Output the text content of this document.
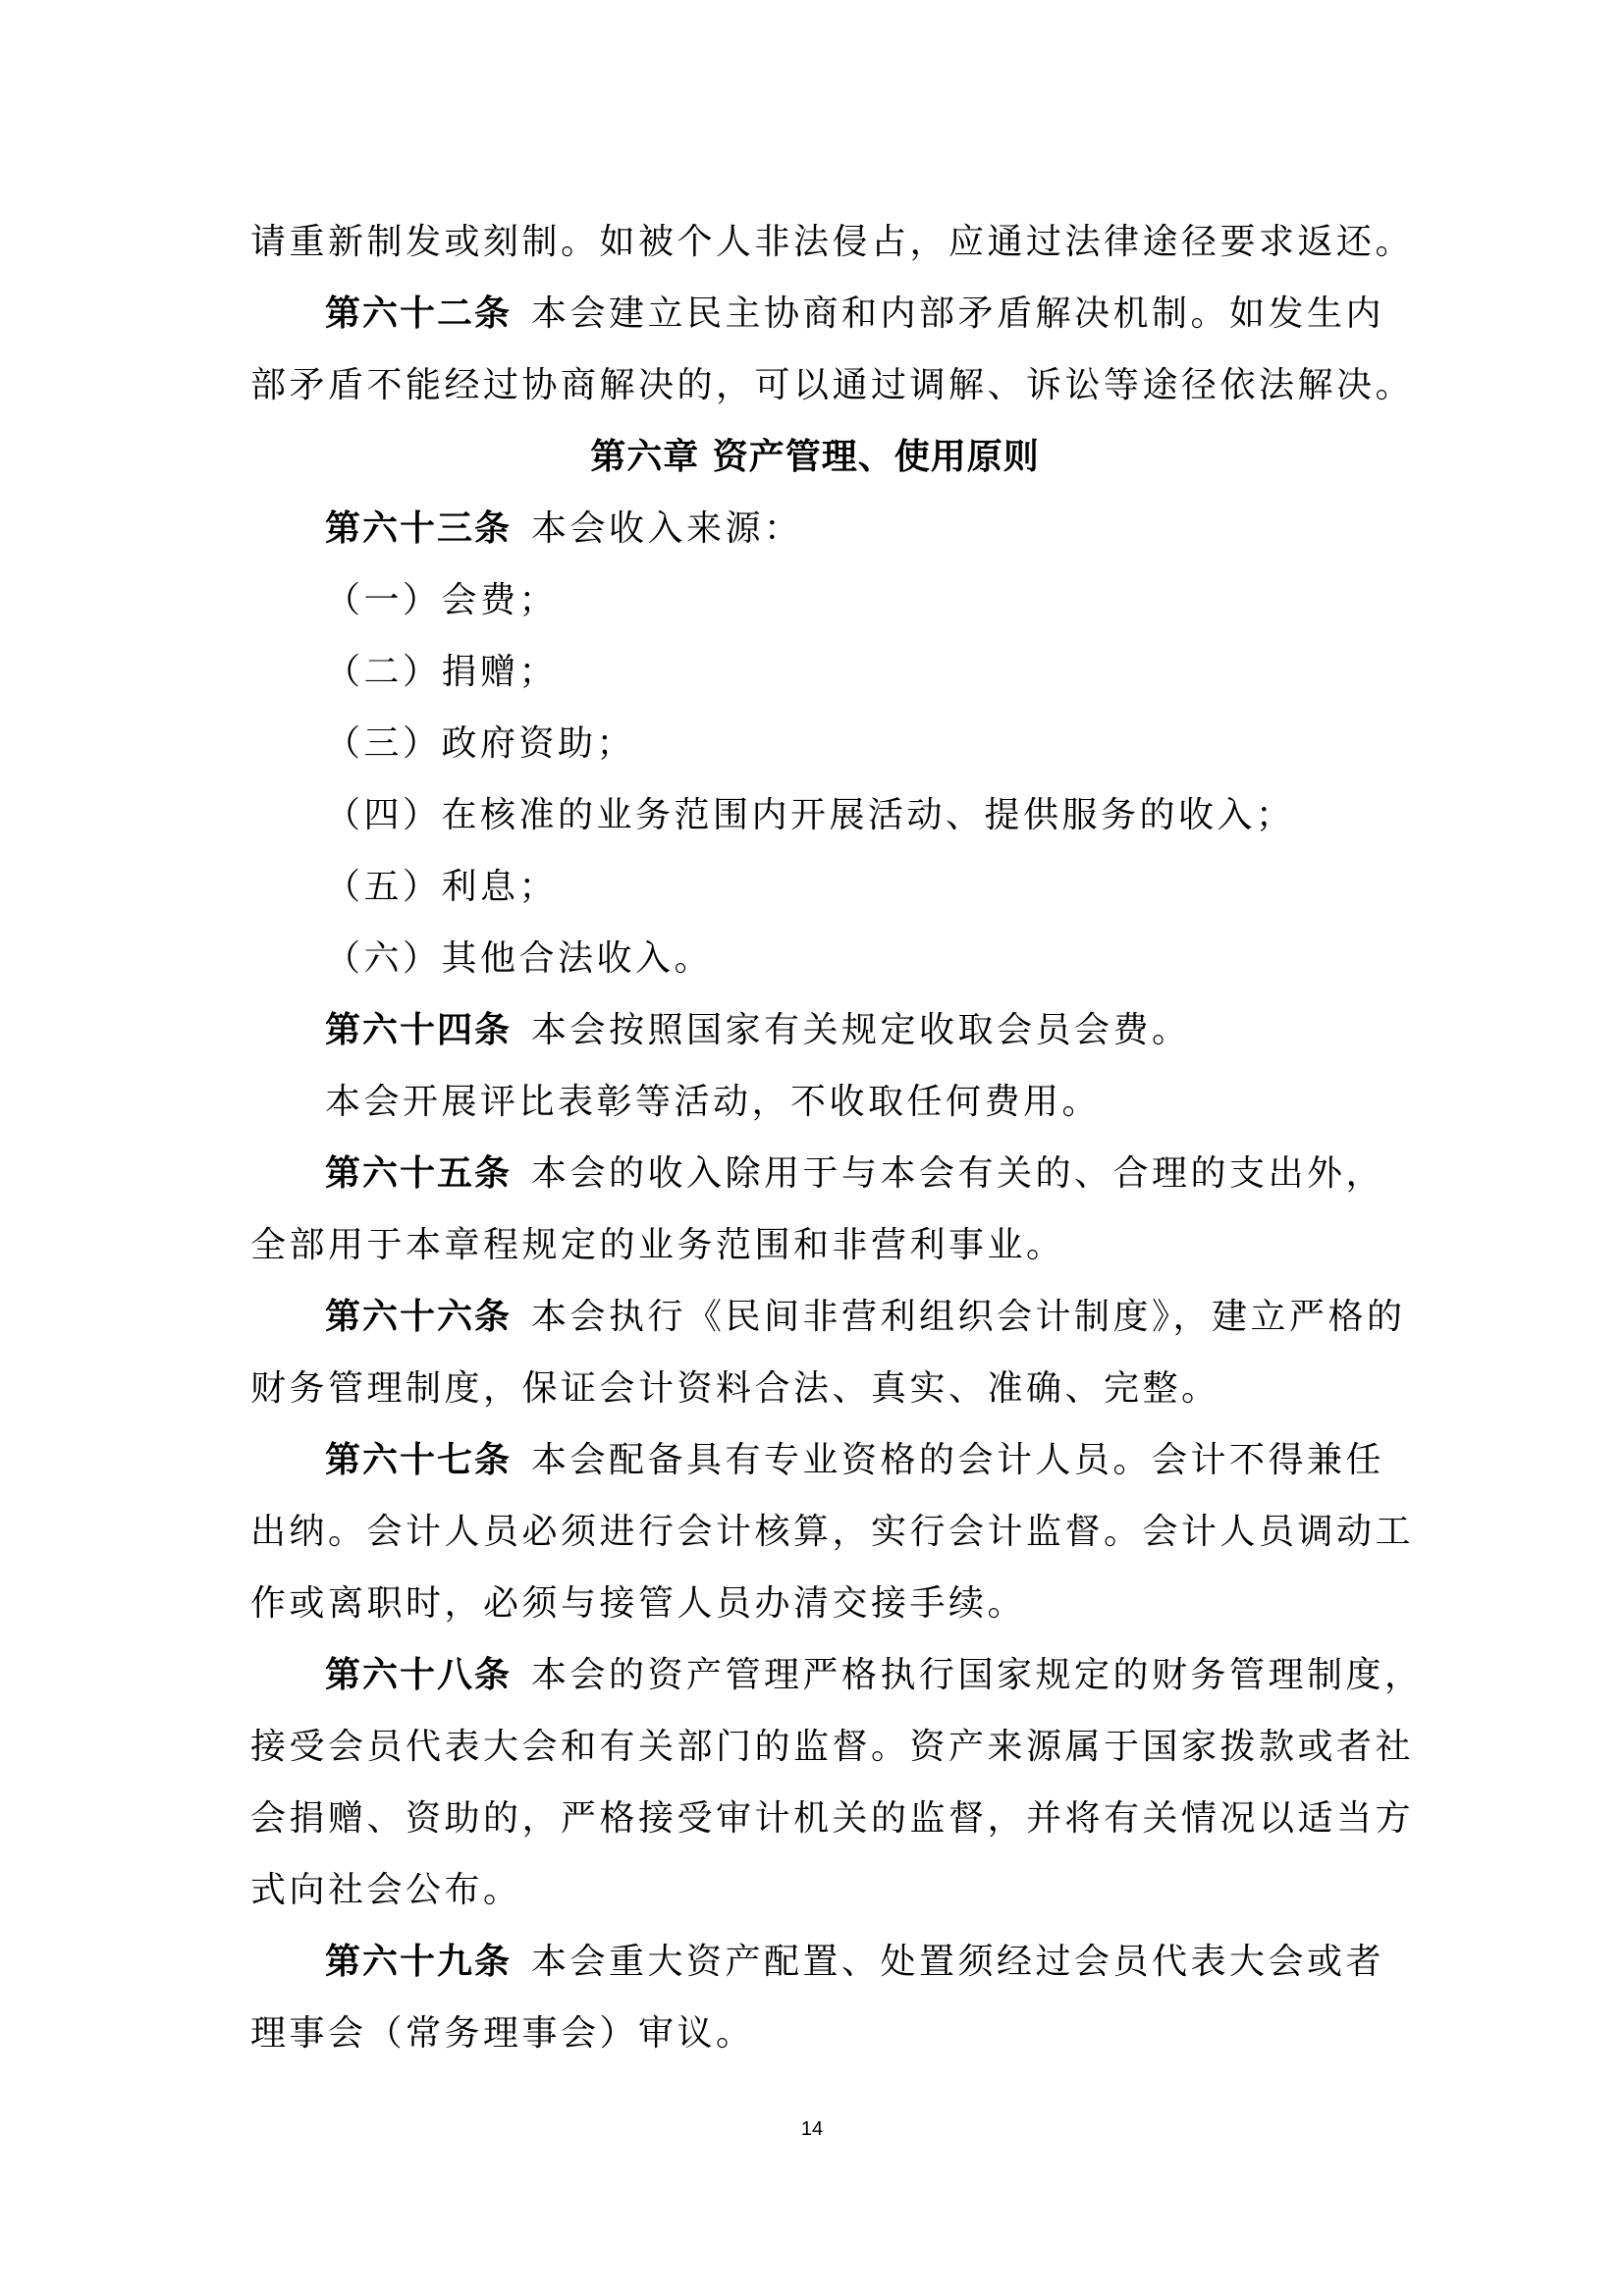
请重新制发或刻制。如被个人非法侵占，应通过法律途径要求返还。
第六十二条 本会建立民主协商和内部矛盾解决机制。如发生内
部矛盾不能经过协商解决的，可以通过调解、诉讼等途径依法解决。
第六章 资产管理、使用原则
第六十三条 本会收入来源：
（一）会费；
（二）捐赠；
（三）政府资助；
（四）在核准的业务范围内开展活动、提供服务的收入；
（五）利息；
（六）其他合法收入。
第六十四条 本会按照国家有关规定收取会员会费。
本会开展评比表彰等活动，不收取任何费用。
第六十五条 本会的收入除用于与本会有关的、合理的支出外，
全部用于本章程规定的业务范围和非营利事业。
第六十六条 本会执行《民间非营利组织会计制度》，建立严格的
财务管理制度，保证会计资料合法、真实、准确、完整。
第六十七条 本会配备具有专业资格的会计人员。会计不得兼任
出纳。会计人员必须进行会计核算，实行会计监督。会计人员调动工
作或离职时，必须与接管人员办清交接手续。
第六十八条 本会的资产管理严格执行国家规定的财务管理制度，
接受会员代表大会和有关部门的监督。资产来源属于国家拨款或者社
会捐赠、资助的，严格接受审计机关的监督，并将有关情况以适当方
式向社会公布。
第六十九条 本会重大资产配置、处置须经过会员代表大会或者
理事会（常务理事会）审议。
14
